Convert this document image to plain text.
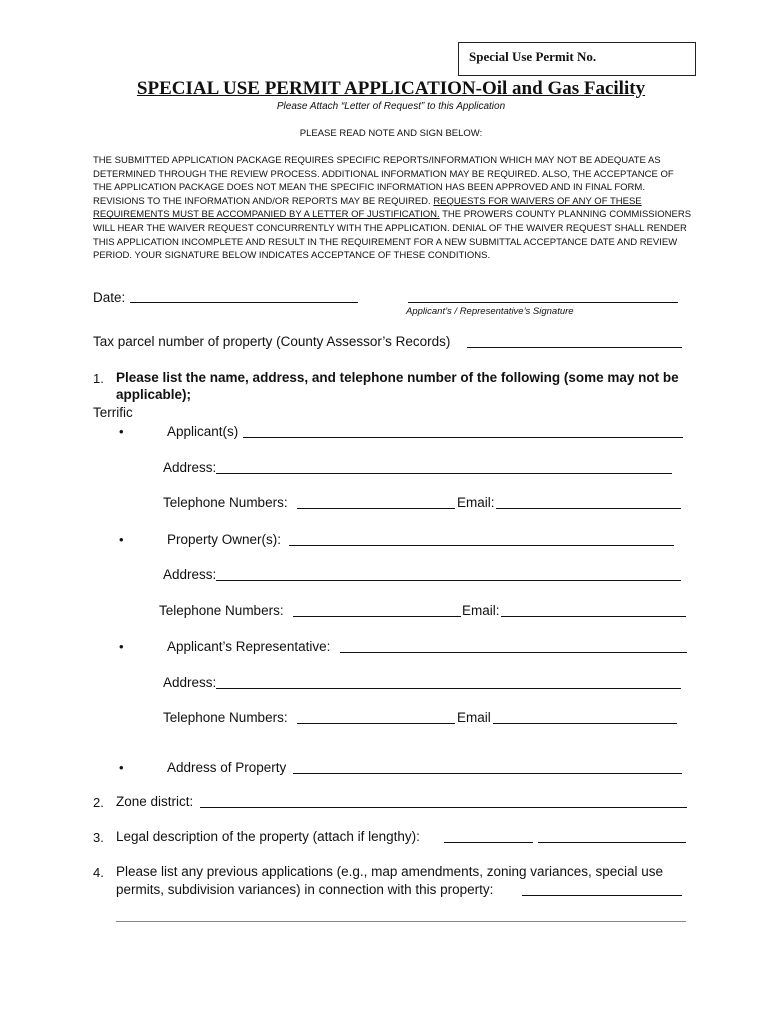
Special Use Permit No.
SPECIAL USE PERMIT APPLICATION-Oil and Gas Facility
Please Attach “Letter of Request” to this Application
PLEASE READ NOTE AND SIGN BELOW:
THE SUBMITTED APPLICATION PACKAGE REQUIRES SPECIFIC REPORTS/INFORMATION WHICH MAY NOT BE ADEQUATE AS DETERMINED THROUGH THE REVIEW PROCESS. ADDITIONAL INFORMATION MAY BE REQUIRED. ALSO, THE ACCEPTANCE OF THE APPLICATION PACKAGE DOES NOT MEAN THE SPECIFIC INFORMATION HAS BEEN APPROVED AND IN FINAL FORM. REVISIONS TO THE INFORMATION AND/OR REPORTS MAY BE REQUIRED. REQUESTS FOR WAIVERS OF ANY OF THESE REQUIREMENTS MUST BE ACCOMPANIED BY A LETTER OF JUSTIFICATION. THE PROWERS COUNTY PLANNING COMMISSIONERS WILL HEAR THE WAIVER REQUEST CONCURRENTLY WITH THE APPLICATION. DENIAL OF THE WAIVER REQUEST SHALL RENDER THIS APPLICATION INCOMPLETE AND RESULT IN THE REQUIREMENT FOR A NEW SUBMITTAL ACCEPTANCE DATE AND REVIEW PERIOD. YOUR SIGNATURE BELOW INDICATES ACCEPTANCE OF THESE CONDITIONS.
Date:
Applicant’s / Representative’s Signature
Tax parcel number of property (County Assessor’s Records)
1. Please list the name, address, and telephone number of the following (some may not be
applicable);
Terrific
•	Applicant(s)
Address:
Telephone Numbers:	Email:
•	Property Owner(s):
Address:
Telephone Numbers:	Email:
•	Applicant’s Representative:
Address:
Telephone Numbers:	Email
•	Address of Property
2. Zone district:
3. Legal description of the property (attach if lengthy):
4. Please list any previous applications (e.g., map amendments, zoning variances, special use
permits, subdivision variances) in connection with this property:
